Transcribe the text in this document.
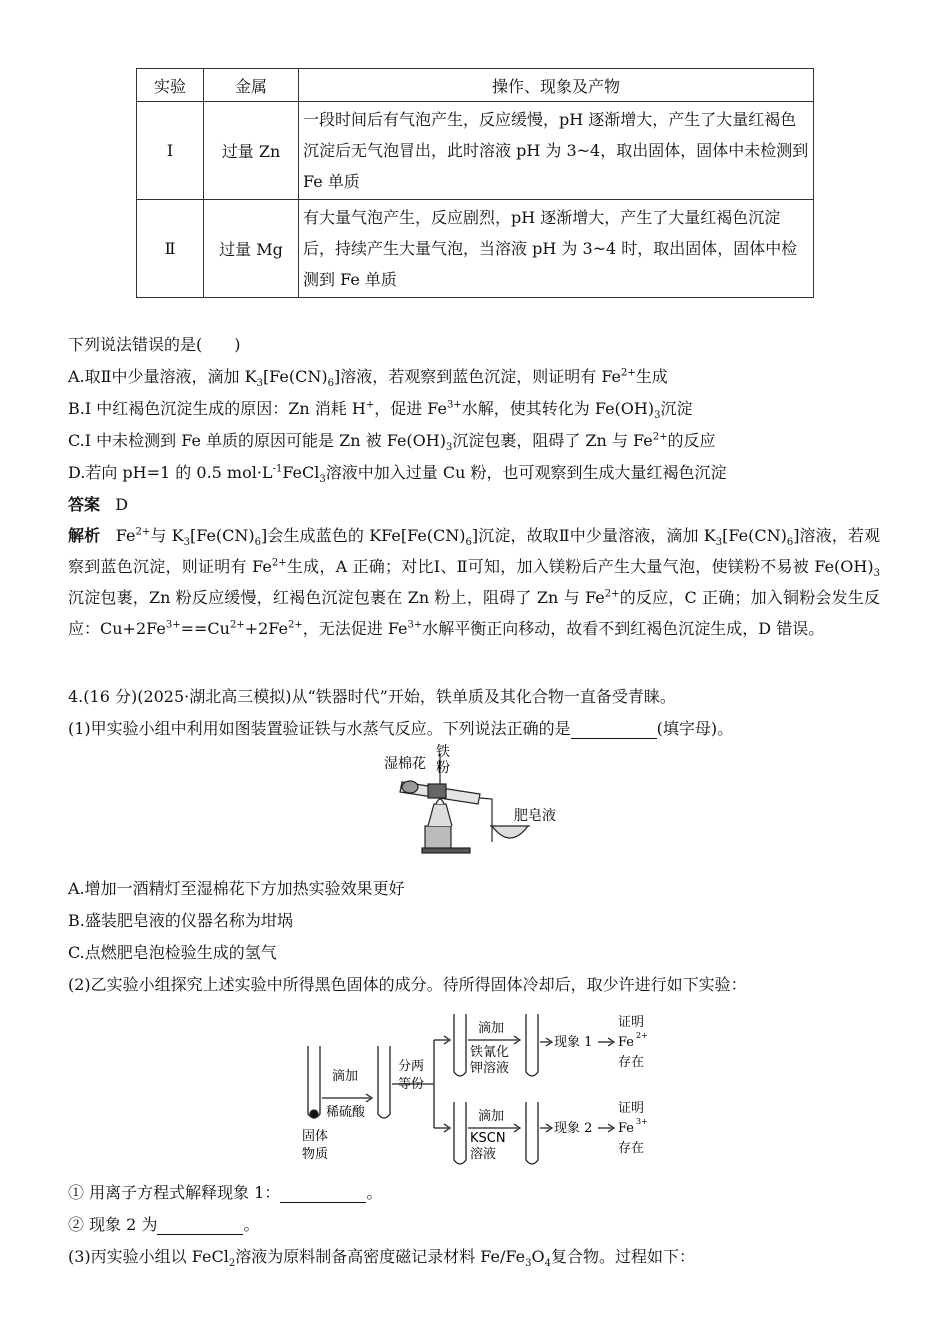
实验	金属	操作、现象及产物
Ⅰ	过量 Zn	一段时间后有气泡产生，反应缓慢，pH 逐渐增大，产生了大量红褐色沉淀后无气泡冒出，此时溶液 pH 为 3~4，取出固体，固体中未检测到 Fe 单质
Ⅱ	过量 Mg	有大量气泡产生，反应剧烈，pH 逐渐增大，产生了大量红褐色沉淀后，持续产生大量气泡，当溶液 pH 为 3~4 时，取出固体，固体中检测到 Fe 单质
下列说法错误的是(　　)
A.取Ⅱ中少量溶液，滴加 $K_3[Fe(CN)_6]$溶液，若观察到蓝色沉淀，则证明有 $Fe^{2+}$生成
B.Ⅰ 中红褐色沉淀生成的原因：Zn 消耗 H+，促进 $Fe^{3+}$水解，使其转化为 $Fe(OH)_3$沉淀
C.Ⅰ 中未检测到 Fe 单质的原因可能是 Zn 被 $Fe(OH)_3$沉淀包裹，阻碍了 Zn 与 $Fe^{2+}$的反应
D.若向 pH=1 的 0.5 $mol\cdot L^{-1}FeCl_3$溶液中加入过量 Cu 粉，也可观察到生成大量红褐色沉淀
答案 D
解析 $Fe^{2+}$与 $K_3[Fe(CN)_6]$会生成蓝色的 $KFe[Fe(CN)_6]$沉淀，故取Ⅱ中少量溶液，滴加 $K_3[Fe(CN)_6]$溶液，若观察到蓝色沉淀，则证明有 $Fe^{2+}$生成，A 正确；对比Ⅰ、Ⅱ可知，加入镁粉后产生大量气泡，使镁粉不易被 $Fe(OH)_3$沉淀包裹，Zn 粉反应缓慢，红褐色沉淀包裹在 Zn 粉上，阻碍了 Zn 与 $Fe^{2+}$的反应，C 正确；加入铜粉会发生反应：$Cu+2Fe^{3+}==Cu^{2+}+2Fe^{2+}$，无法促进 $Fe^{3+}$水解平衡正向移动，故看不到红褐色沉淀生成，D 错误。
4.(16 分)(2025·湖北高三模拟)从“铁器时代”开始，铁单质及其化合物一直备受青睐。
(1)甲实验小组中利用如图装置验证铁与水蒸气反应。下列说法正确的是	(填字母)。
湿棉花
铁
粉
肥皂液
A.增加一酒精灯至湿棉花下方加热实验效果更好
B.盛装肥皂液的仪器名称为坩埚
C.点燃肥皂泡检验生成的氢气
(2)乙实验小组探究上述实验中所得黑色固体的成分。待所得固体冷却后，取少许进行如下实验：
滴加
稀硫酸
固体
物质
分两
等份
滴加
铁氰化
钾溶液
滴加
KSCN
溶液
现象 1
现象 2
证明
Fe 2+
存在
证明
Fe 3+
存在
① 用离子方程式解释现象 1：	。
② 现象 2 为	。
(3)丙实验小组以 FeCl$_2$溶液为原料制备高密度磁记录材料 $Fe/Fe_3O_4$复合物。过程如下：
